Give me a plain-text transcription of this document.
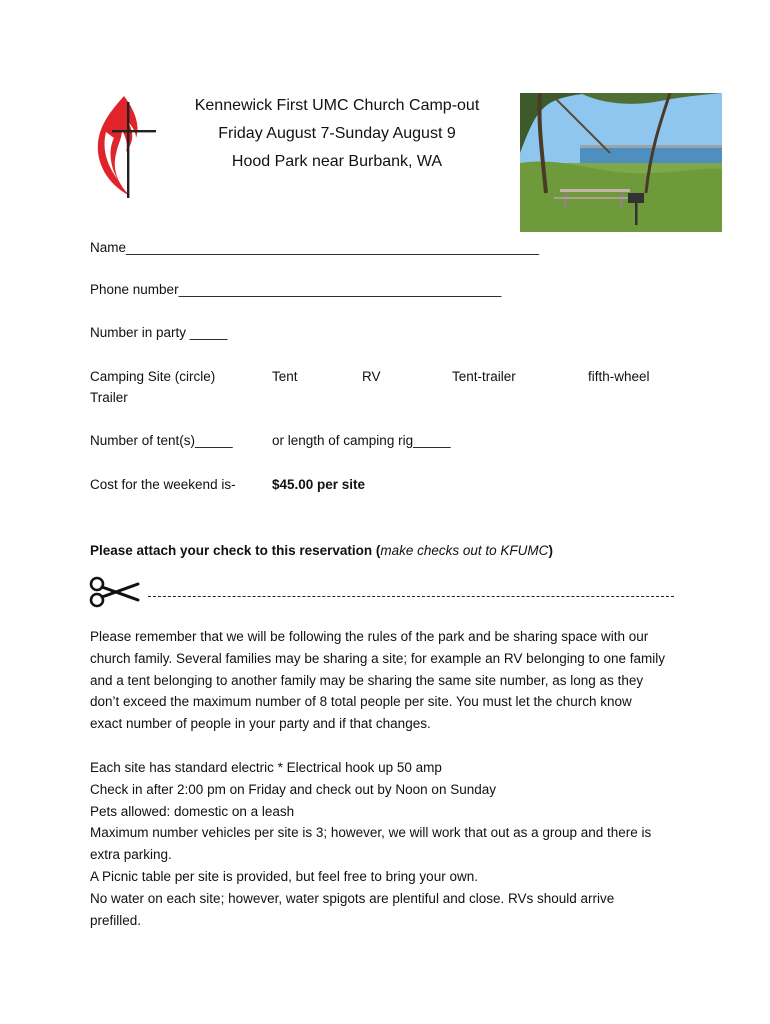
Kennewick First UMC Church Camp-out
Friday August 7-Sunday August 9
Hood Park near Burbank, WA
Name_______________________________________________________
Phone number___________________________________________
Number in party _____
Camping Site (circle)	Tent	RV	Tent-trailer	fifth-wheel
Trailer
Number of tent(s)_____	or length of camping rig_____
Cost for the weekend is-	$45.00 per site
Please attach your check to this reservation (make checks out to KFUMC)
Please remember that we will be following the rules of the park and be sharing space with our
church family. Several families may be sharing a site; for example an RV belonging to one family
and a tent belonging to another family may be sharing the same site number, as long as they
don’t exceed the maximum number of 8 total people per site. You must let the church know
exact number of people in your party and if that changes.
Each site has standard electric * Electrical hook up 50 amp
Check in after 2:00 pm on Friday and check out by Noon on Sunday
Pets allowed: domestic on a leash
Maximum number vehicles per site is 3; however, we will work that out as a group and there is
extra parking.
A Picnic table per site is provided, but feel free to bring your own.
No water on each site; however, water spigots are plentiful and close. RVs should arrive
prefilled.
